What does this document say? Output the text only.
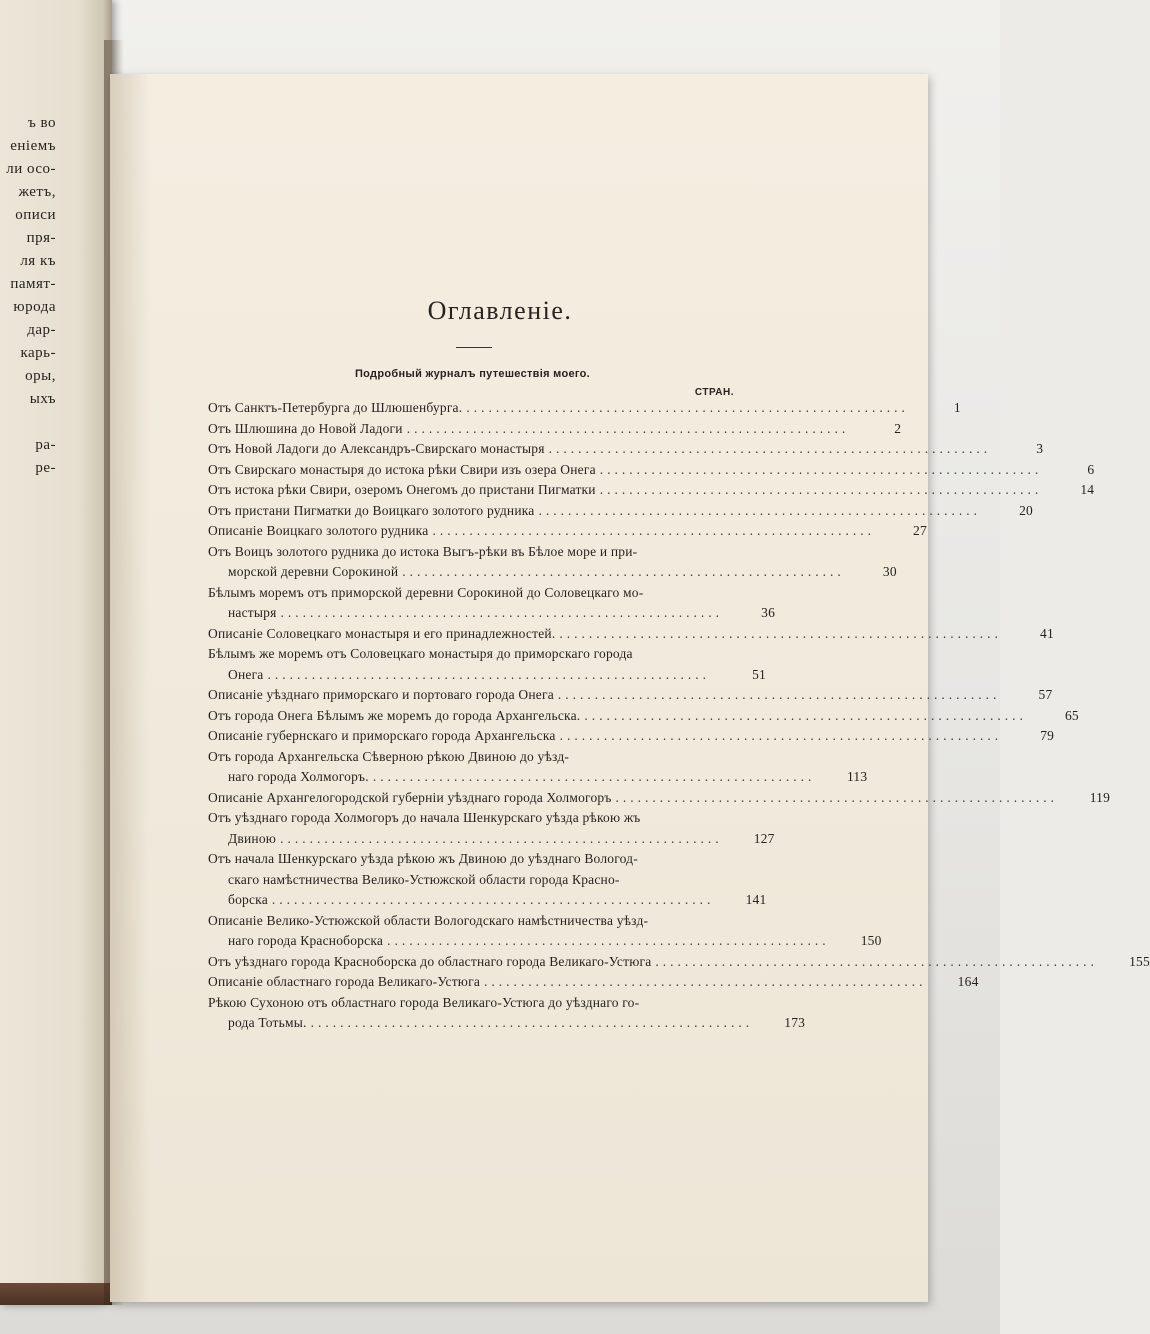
ъ во
еніемъ
ли осо-
жетъ,
описи
пря-
ля къ
памят-
юрода
дар-
карь-
оры,
ыхъ

ра-
ре-
Оглавленіе.
Подробный журналъ путешествія моего.
СТРАН.
Отъ Санктъ-Петербурга до Шлюшенбурга. ............................................................	1
Отъ Шлюшина до Новой Ладоги ............................................................	2
Отъ Новой Ладоги до Александръ-Свирскаго монастыря ............................................................	3
Отъ Свирскаго монастыря до истока рѣки Свири изъ озера Онега ............................................................	6
Отъ истока рѣки Свири, озеромъ Онегомъ до пристани Пигматки ............................................................	14
Отъ пристани Пигматки до Воицкаго золотого рудника ............................................................	20
Описаніе Воицкаго золотого рудника ............................................................	27
Отъ Воицъ золотого рудника до истока Выгъ-рѣки въ Бѣлое море и при-
морской деревни Сорокиной ............................................................	30
Бѣлымъ моремъ отъ приморской деревни Сорокиной до Соловецкаго мо-
настыря ............................................................	36
Описаніе Соловецкаго монастыря и его принадлежностей. ............................................................	41
Бѣлымъ же моремъ отъ Соловецкаго монастыря до приморскаго города
Онега ............................................................	51
Описаніе уѣзднаго приморскаго и портоваго города Онега ............................................................	57
Отъ города Онега Бѣлымъ же моремъ до города Архангельска. ............................................................	65
Описаніе губернскаго и приморскаго города Архангельска ............................................................	79
Отъ города Архангельска Сѣверною рѣкою Двиною до уѣзд-
наго города Холмогоръ. ............................................................	113
Описаніе Архангелогородской губерніи уѣзднаго города Холмогоръ ............................................................	119
Отъ уѣзднаго города Холмогоръ до начала Шенкурскаго уѣзда рѣкою жъ
Двиною ............................................................	127
Отъ начала Шенкурскаго уѣзда рѣкою жъ Двиною до уѣзднаго Вологод-
скаго намѣстничества Велико-Устюжской области города Красно-
борска ............................................................	141
Описаніе Велико-Устюжской области Вологодскаго намѣстничества уѣзд-
наго города Красноборска ............................................................	150
Отъ уѣзднаго города Красноборска до областнаго города Великаго-Устюга ............................................................	155
Описаніе областнаго города Великаго-Устюга ............................................................	164
Рѣкою Сухоною отъ областнаго города Великаго-Устюга до уѣзднаго го-
рода Тотьмы. ............................................................	173
